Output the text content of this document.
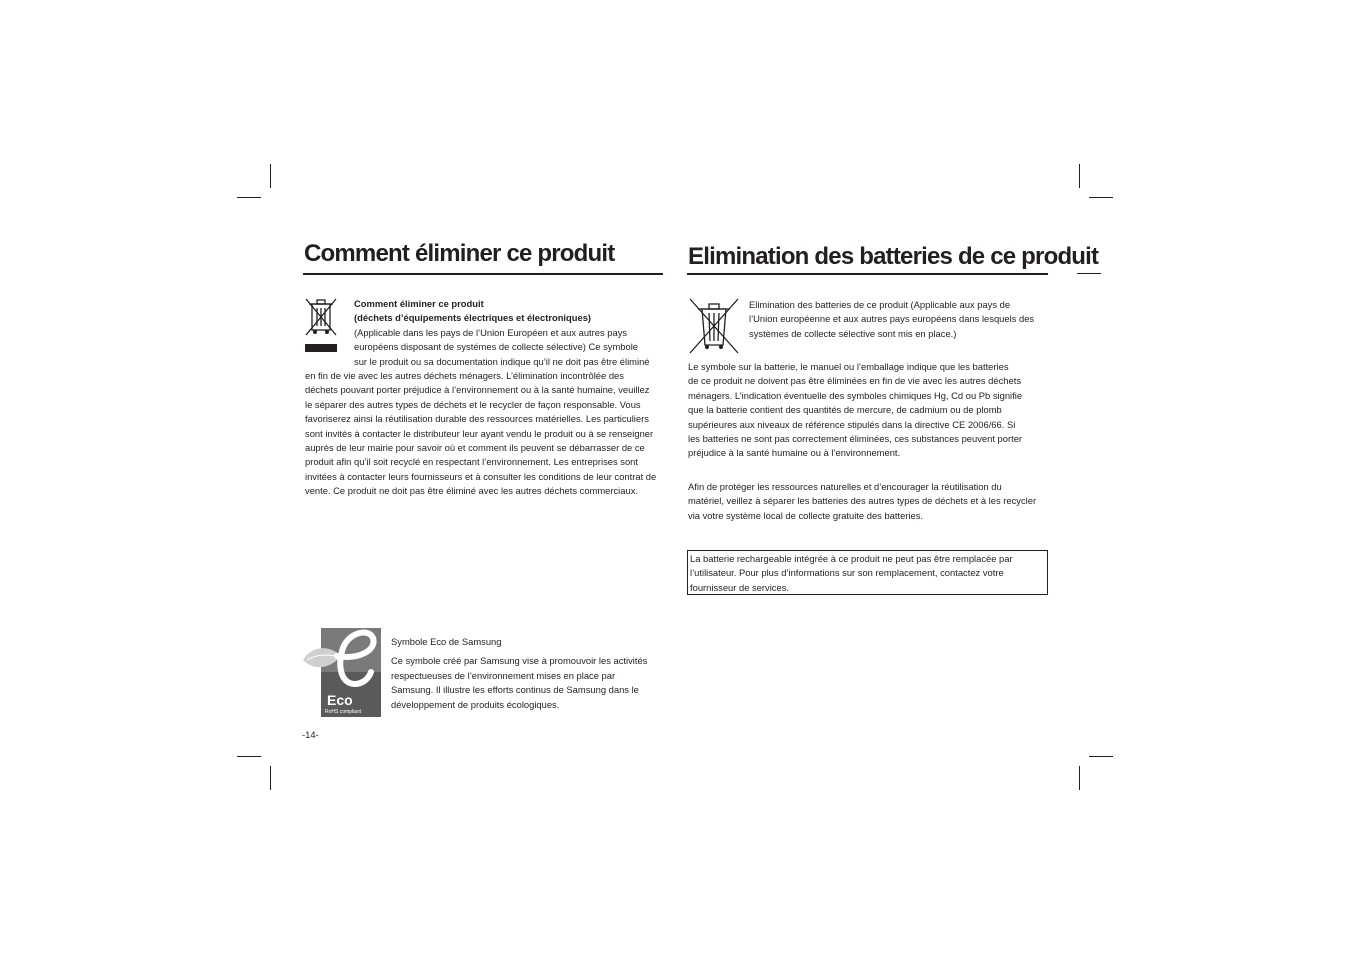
Comment éliminer ce produit

Comment éliminer ce produit

(déchets d’équipements électriques et électroniques)

(Applicable dans les pays de l’Union Européen et aux autres pays

européens disposant de systémes de collecte sélective) Ce symbole

sur le produit ou sa documentation indique qu’il ne doit pas être éliminé

en fin de vie avec les autres déchets ménagers. L’élimination incontrôlée des

déchets pouvant porter préjudice à l’environnement ou à la santé humaine, veuillez

le séparer des autres types de déchets et le recycler de façon responsable. Vous

favoriserez ainsi la réutilisation durable des ressources matérielles. Les particuliers

sont invités à contacter le distributeur leur ayant vendu le produit ou à se renseigner

auprès de leur mairie pour savoir où et comment ils peuvent se débarrasser de ce

produit afin qu’il soit recyclé en respectant l’environnement. Les entreprises sont

invitées à contacter leurs fournisseurs et à consulter les conditions de leur contrat de

vente. Ce produit ne doit pas être éliminé avec les autres déchets commerciaux.

Eco
RoHS compliant

Symbole Eco de Samsung

Ce symbole créé par Samsung vise à promouvoir les activités

respectueuses de l’environnement mises en place par

Samsung. Il illustre les efforts continus de Samsung dans le

développement de produits écologiques.

-14-
Elimination des batteries de ce produit

Elimination des batteries de ce produit (Applicable aux pays de

l’Union européenne et aux autres pays européens dans lesquels des

systèmes de collecte sélective sont mis en place.)

Le symbole sur la batterie, le manuel ou l’emballage indique que les batteries

de ce produit ne doivent pas être éliminées en fin de vie avec les autres déchets

ménagers. L’indication éventuelle des symboles chimiques Hg, Cd ou Pb signifie

que la batterie contient des quantités de mercure, de cadmium ou de plomb

supérieures aux niveaux de référence stipulés dans la directive CE 2006/66. Si

les batteries ne sont pas correctement éliminées, ces substances peuvent porter

préjudice à la santé humaine ou à l’environnement.

Afin de protéger les ressources naturelles et d’encourager la réutilisation du

matériel, veillez à séparer les batteries des autres types de déchets et à les recycler

via votre système local de collecte gratuite des batteries.

La batterie rechargeable intégrée à ce produit ne peut pas être remplacée par

l’utilisateur. Pour plus d’informations sur son remplacement, contactez votre

fournisseur de services.
